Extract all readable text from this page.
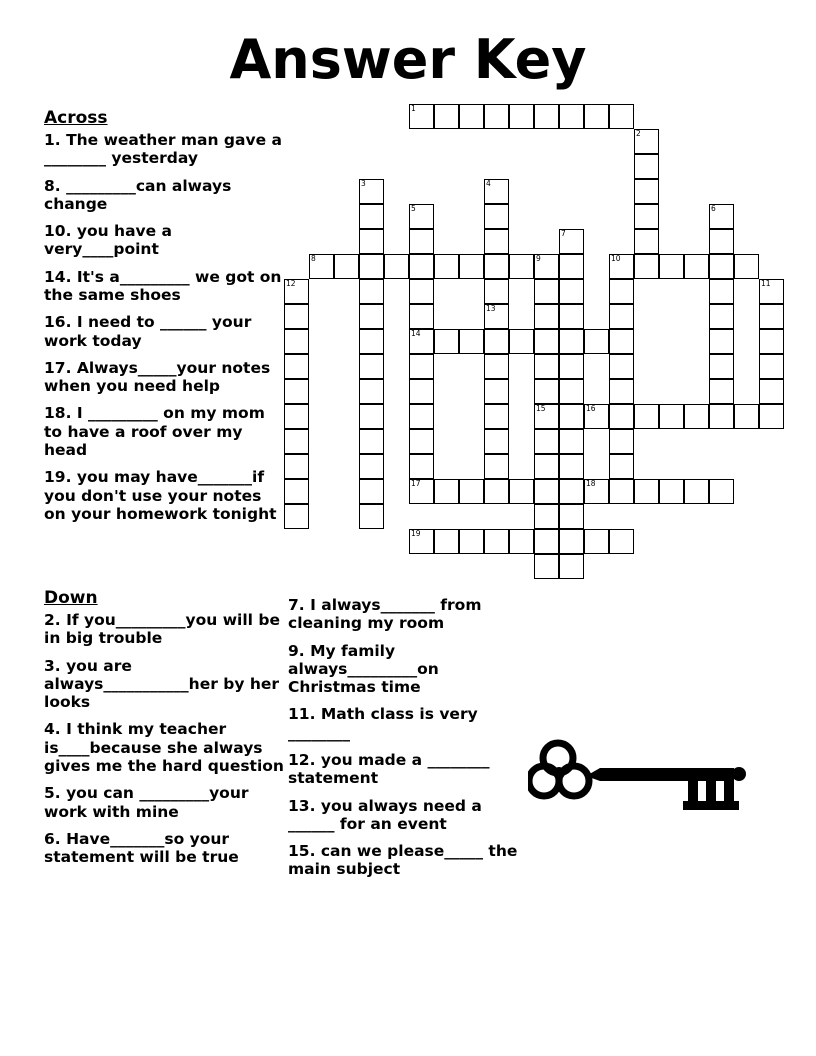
Answer Key
Across
1. The weather man gave a ________ yesterday
8. _________can always change
10. you have a very____point
14. It's a_________ we got on the same shoes
16. I need to ______ your work today
17. Always_____your notes when you need help
18. I _________ on my mom to have a roof over my head
19. you may have_______if you don't use your notes on your homework tonight
Down
2. If you_________you will be in big trouble
3. you are always___________her by her looks
4. I think my teacher is____because she always gives me the hard question
5. you can _________your work with mine
6. Have_______so your statement will be true
7. I always_______ from cleaning my room
9. My family always_________on Christmas time
11. Math class is very ________
12. you made a ________ statement
13. you always need a ______ for an event
15. can we please_____ the main subject
1
2
3	4
5	6
7
8	9	10
11
12
13
14
15	16
17	18
19
